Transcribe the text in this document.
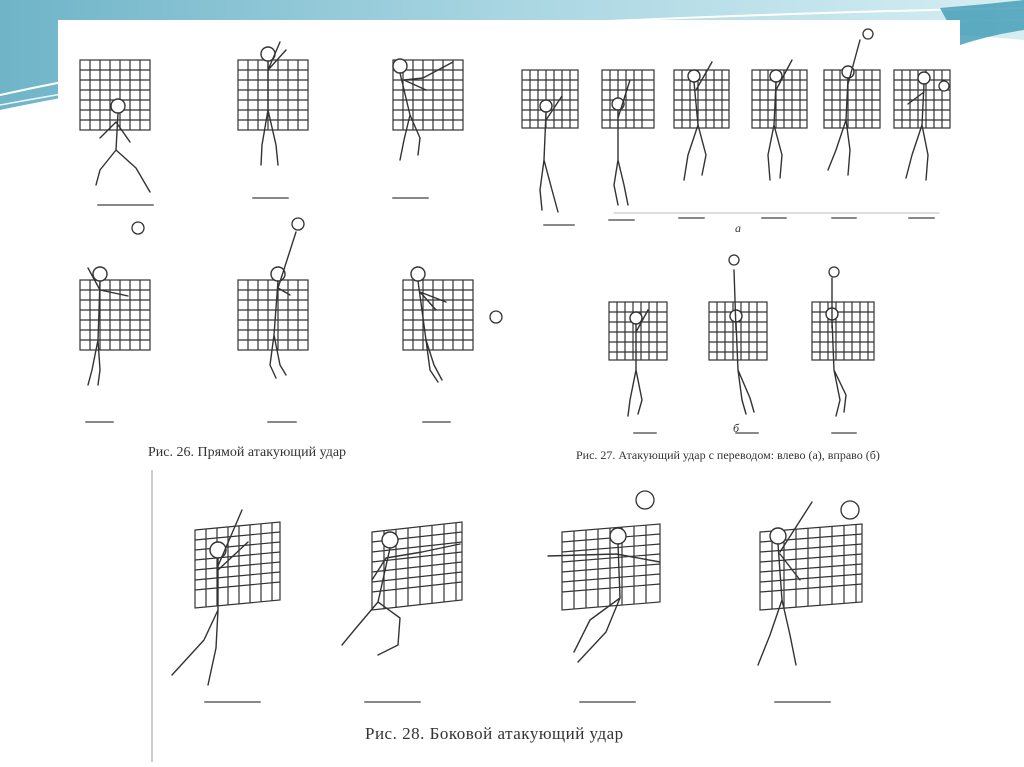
а
б
Рис. 26. Прямой атакующий удар	Рис. 27. Атакующий удар с переводом: влево (а), вправо (б)
Рис. 28. Боковой атакующий удар
